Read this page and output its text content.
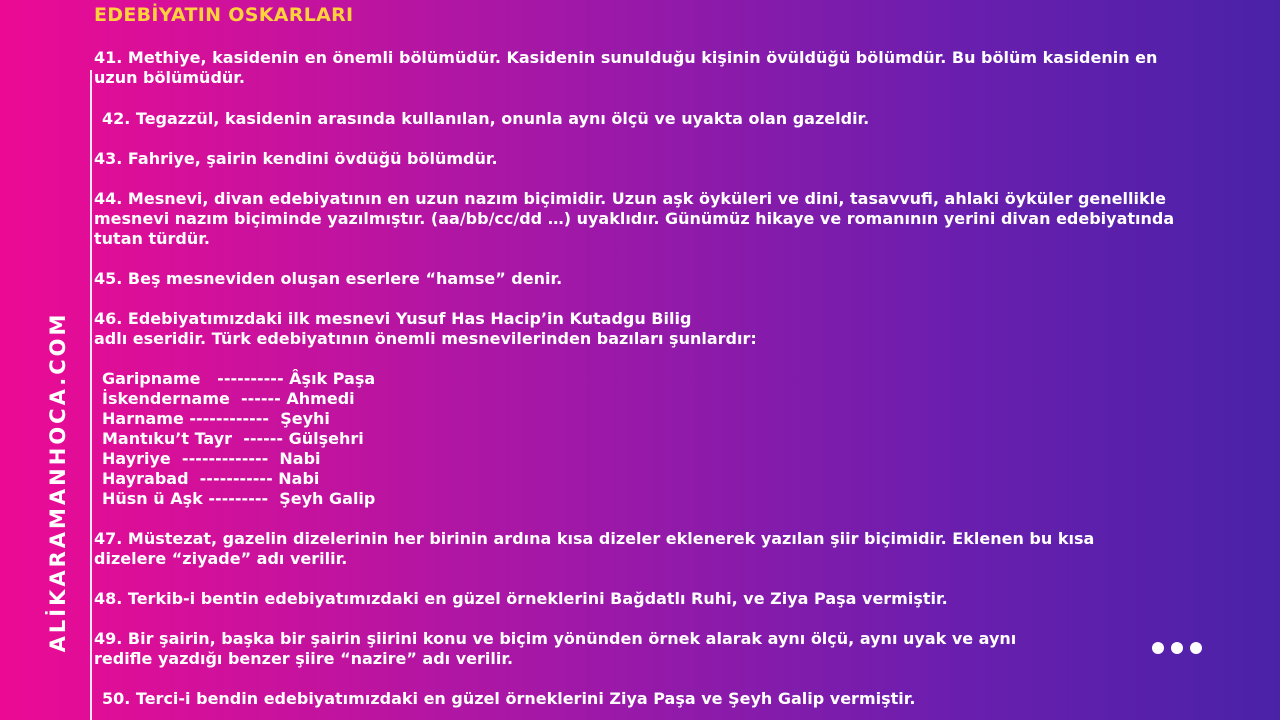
ALİKARAMANHOCA.COM
EDEBİYATIN OSKARLARI
41. Methiye, kasidenin en önemli bölümüdür. Kasidenin sunulduğu kişinin övüldüğü bölümdür. Bu bölüm kasidenin en
uzun bölümüdür.
42. Tegazzül, kasidenin arasında kullanılan, onunla aynı ölçü ve uyakta olan gazeldir.
43. Fahriye, şairin kendini övdüğü bölümdür.
44. Mesnevi, divan edebiyatının en uzun nazım biçimidir. Uzun aşk öyküleri ve dini, tasavvufi, ahlaki öyküler genellikle
mesnevi nazım biçiminde yazılmıştır. (aa/bb/cc/dd …) uyaklıdır. Günümüz hikaye ve romanının yerini divan edebiyatında
tutan türdür.
45. Beş mesneviden oluşan eserlere “hamse” denir.
46. Edebiyatımızdaki ilk mesnevi Yusuf Has Hacip’in Kutadgu Bilig
adlı eseridir. Türk edebiyatının önemli mesnevilerinden bazıları şunlardır:
Garipname   ---------- Âşık Paşa
İskendername  ------ Ahmedi
Harname ------------  Şeyhi
Mantıku’t Tayr  ------ Gülşehri
Hayriye  -------------  Nabi
Hayrabad  ----------- Nabi
Hüsn ü Aşk ---------  Şeyh Galip
47. Müstezat, gazelin dizelerinin her birinin ardına kısa dizeler eklenerek yazılan şiir biçimidir. Eklenen bu kısa
dizelere “ziyade” adı verilir.
48. Terkib-i bentin edebiyatımızdaki en güzel örneklerini Bağdatlı Ruhi, ve Ziya Paşa vermiştir.
49. Bir şairin, başka bir şairin şiirini konu ve biçim yönünden örnek alarak aynı ölçü, aynı uyak ve aynı
redifle yazdığı benzer şiire “nazire” adı verilir.
50. Terci-i bendin edebiyatımızdaki en güzel örneklerini Ziya Paşa ve Şeyh Galip vermiştir.
